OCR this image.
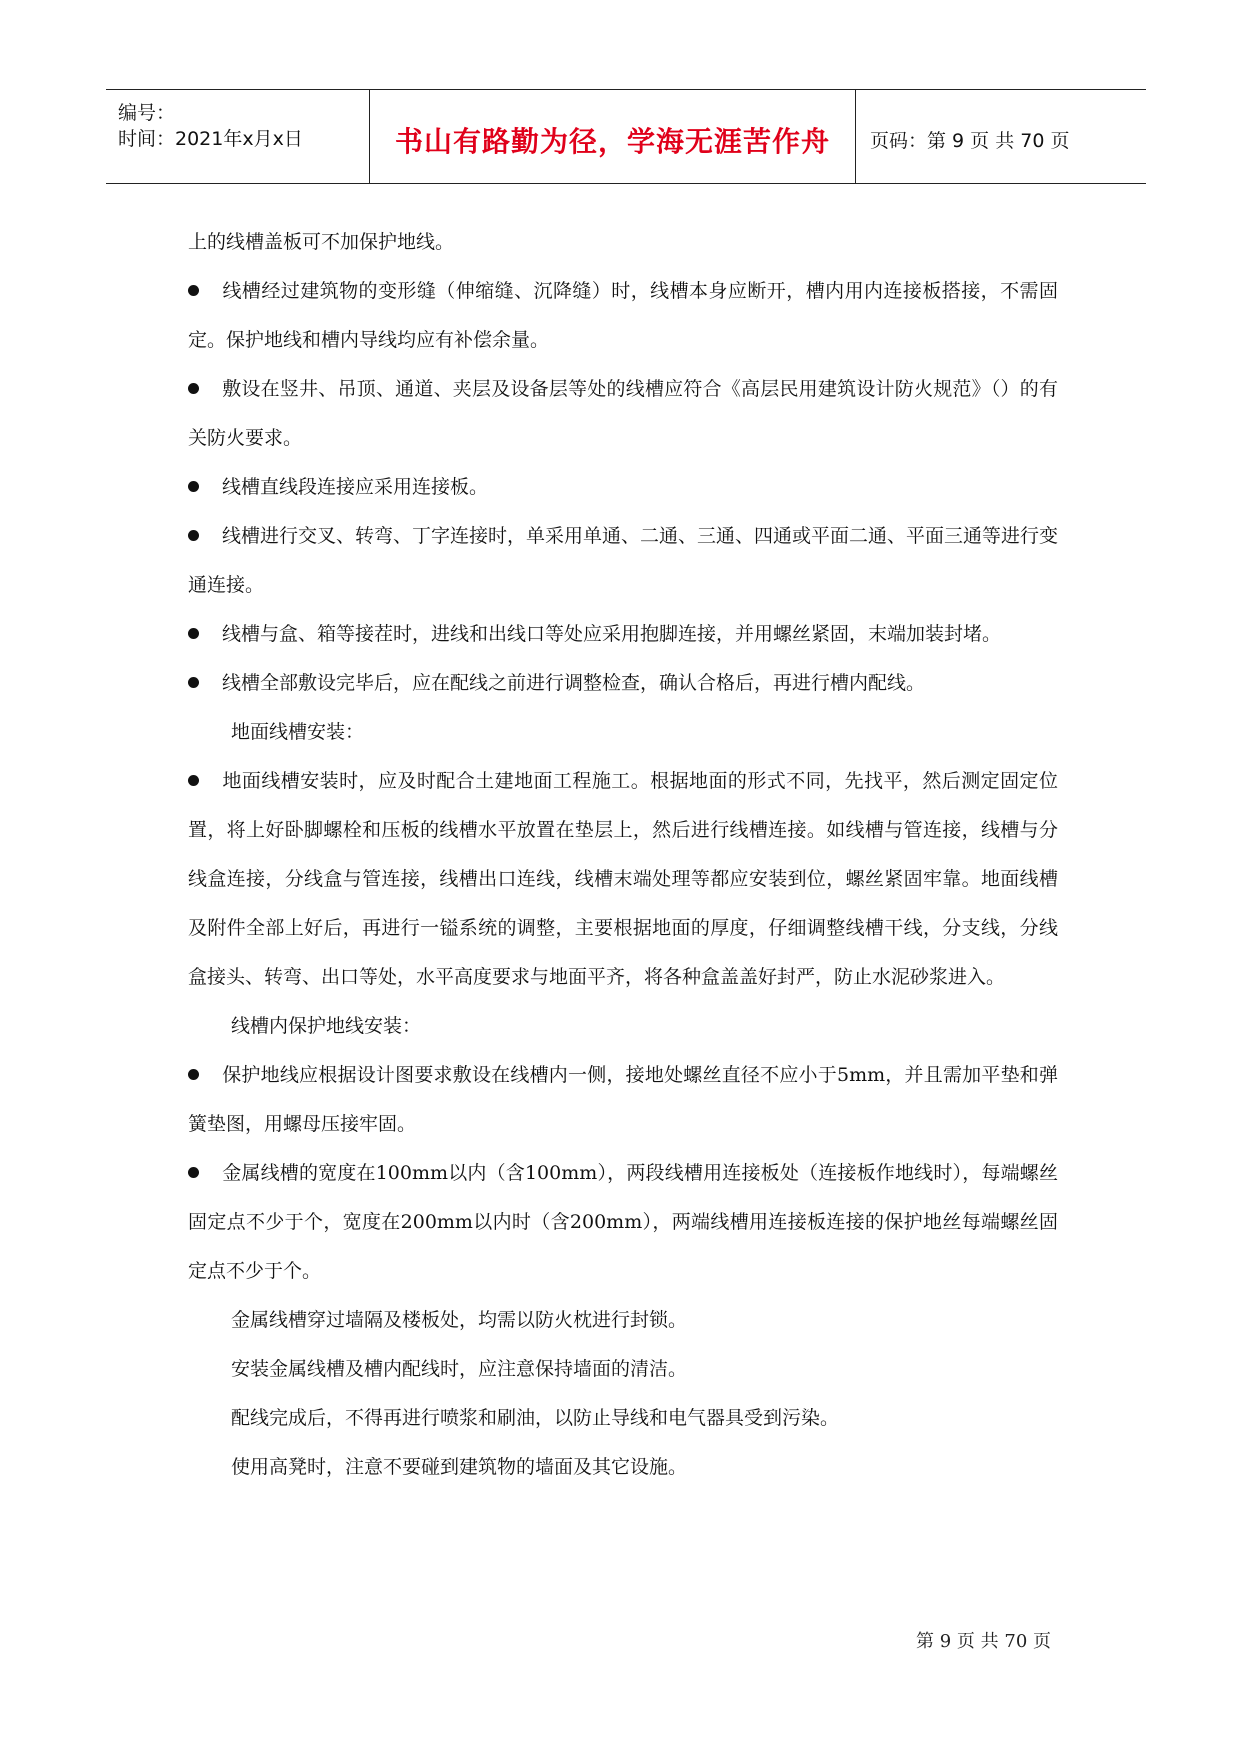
编号：
时间：2021年x月x日	书山有路勤为径，学海无涯苦作舟	页码：第 9 页 共 70 页

上的线槽盖板可不加保护地线。

线槽经过建筑物的变形缝（伸缩缝、沉降缝）时，线槽本身应断开，槽内用内连接板搭接，不需固定。保护地线和槽内导线均应有补偿余量。

敷设在竖井、吊顶、通道、夹层及设备层等处的线槽应符合《高层民用建筑设计防火规范》（）的有关防火要求。

线槽直线段连接应采用连接板。

线槽进行交叉、转弯、丁字连接时，单采用单通、二通、三通、四通或平面二通、平面三通等进行变通连接。

线槽与盒、箱等接茬时，进线和出线口等处应采用抱脚连接，并用螺丝紧固，末端加装封堵。

线槽全部敷设完毕后，应在配线之前进行调整检查，确认合格后，再进行槽内配线。

地面线槽安装：

地面线槽安装时，应及时配合土建地面工程施工。根据地面的形式不同，先找平，然后测定固定位置，将上好卧脚螺栓和压板的线槽水平放置在垫层上，然后进行线槽连接。如线槽与管连接，线槽与分线盒连接，分线盒与管连接，线槽出口连线，线槽末端处理等都应安装到位，螺丝紧固牢靠。地面线槽及附件全部上好后，再进行一镒系统的调整，主要根据地面的厚度，仔细调整线槽干线，分支线，分线盒接头、转弯、出口等处，水平高度要求与地面平齐，将各种盒盖盖好封严，防止水泥砂浆进入。

线槽内保护地线安装：

保护地线应根据设计图要求敷设在线槽内一侧，接地处螺丝直径不应小于5mm，并且需加平垫和弹簧垫图，用螺母压接牢固。

金属线槽的宽度在100mm以内（含100mm），两段线槽用连接板处（连接板作地线时），每端螺丝固定点不少于个，宽度在200mm以内时（含200mm），两端线槽用连接板连接的保护地丝每端螺丝固定点不少于个。

金属线槽穿过墙隔及楼板处，均需以防火枕进行封锁。

安装金属线槽及槽内配线时，应注意保持墙面的清洁。

配线完成后，不得再进行喷浆和刷油，以防止导线和电气器具受到污染。

使用高凳时，注意不要碰到建筑物的墙面及其它设施。

第 9 页 共 70 页
